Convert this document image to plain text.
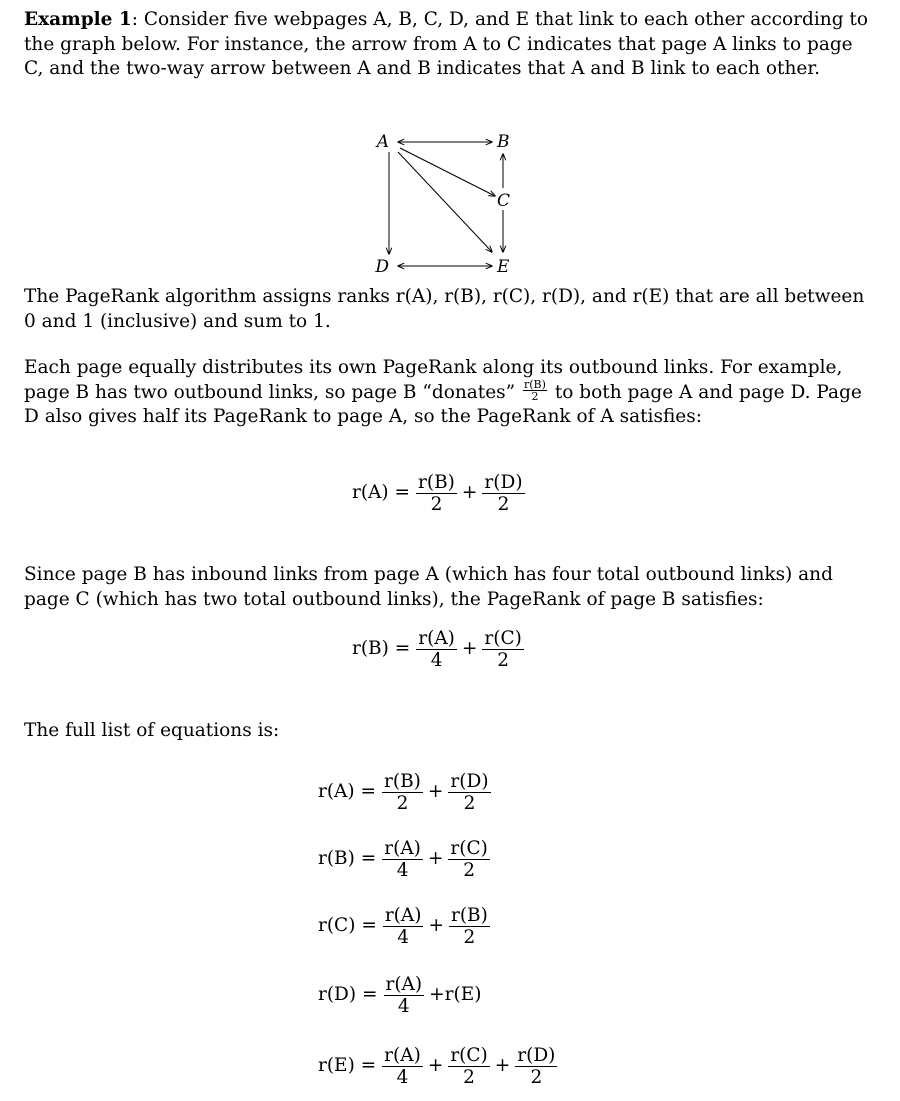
Example 1: Consider five webpages A, B, C, D, and E that link to each other according to the graph below. For instance, the arrow from A to C indicates that page A links to page C, and the two-way arrow between A and B indicates that A and B link to each other.

A	B
C
D	E

The PageRank algorithm assigns ranks r(A), r(B), r(C), r(D), and r(E) that are all between 0 and 1 (inclusive) and sum to 1.

Each page equally distributes its own PageRank along its outbound links. For example, page B has two outbound links, so page B “donates” $\frac{r(B)}{2}$ to both page A and page D. Page D also gives half its PageRank to page A, so the PageRank of A satisfies:

$r(A) = \frac{r(B)}{2} + \frac{r(D)}{2}$

Since page B has inbound links from page A (which has four total outbound links) and page C (which has two total outbound links), the PageRank of page B satisfies:

$r(B) = \frac{r(A)}{4} + \frac{r(C)}{2}$

The full list of equations is:

$r(A) = \frac{r(B)}{2} + \frac{r(D)}{2}$
$r(B) = \frac{r(A)}{4} + \frac{r(C)}{2}$
$r(C) = \frac{r(A)}{4} + \frac{r(B)}{2}$
$r(D) = \frac{r(A)}{4} +r(E)$
$r(E) = \frac{r(A)}{4} + \frac{r(C)}{2} + \frac{r(D)}{2}$
